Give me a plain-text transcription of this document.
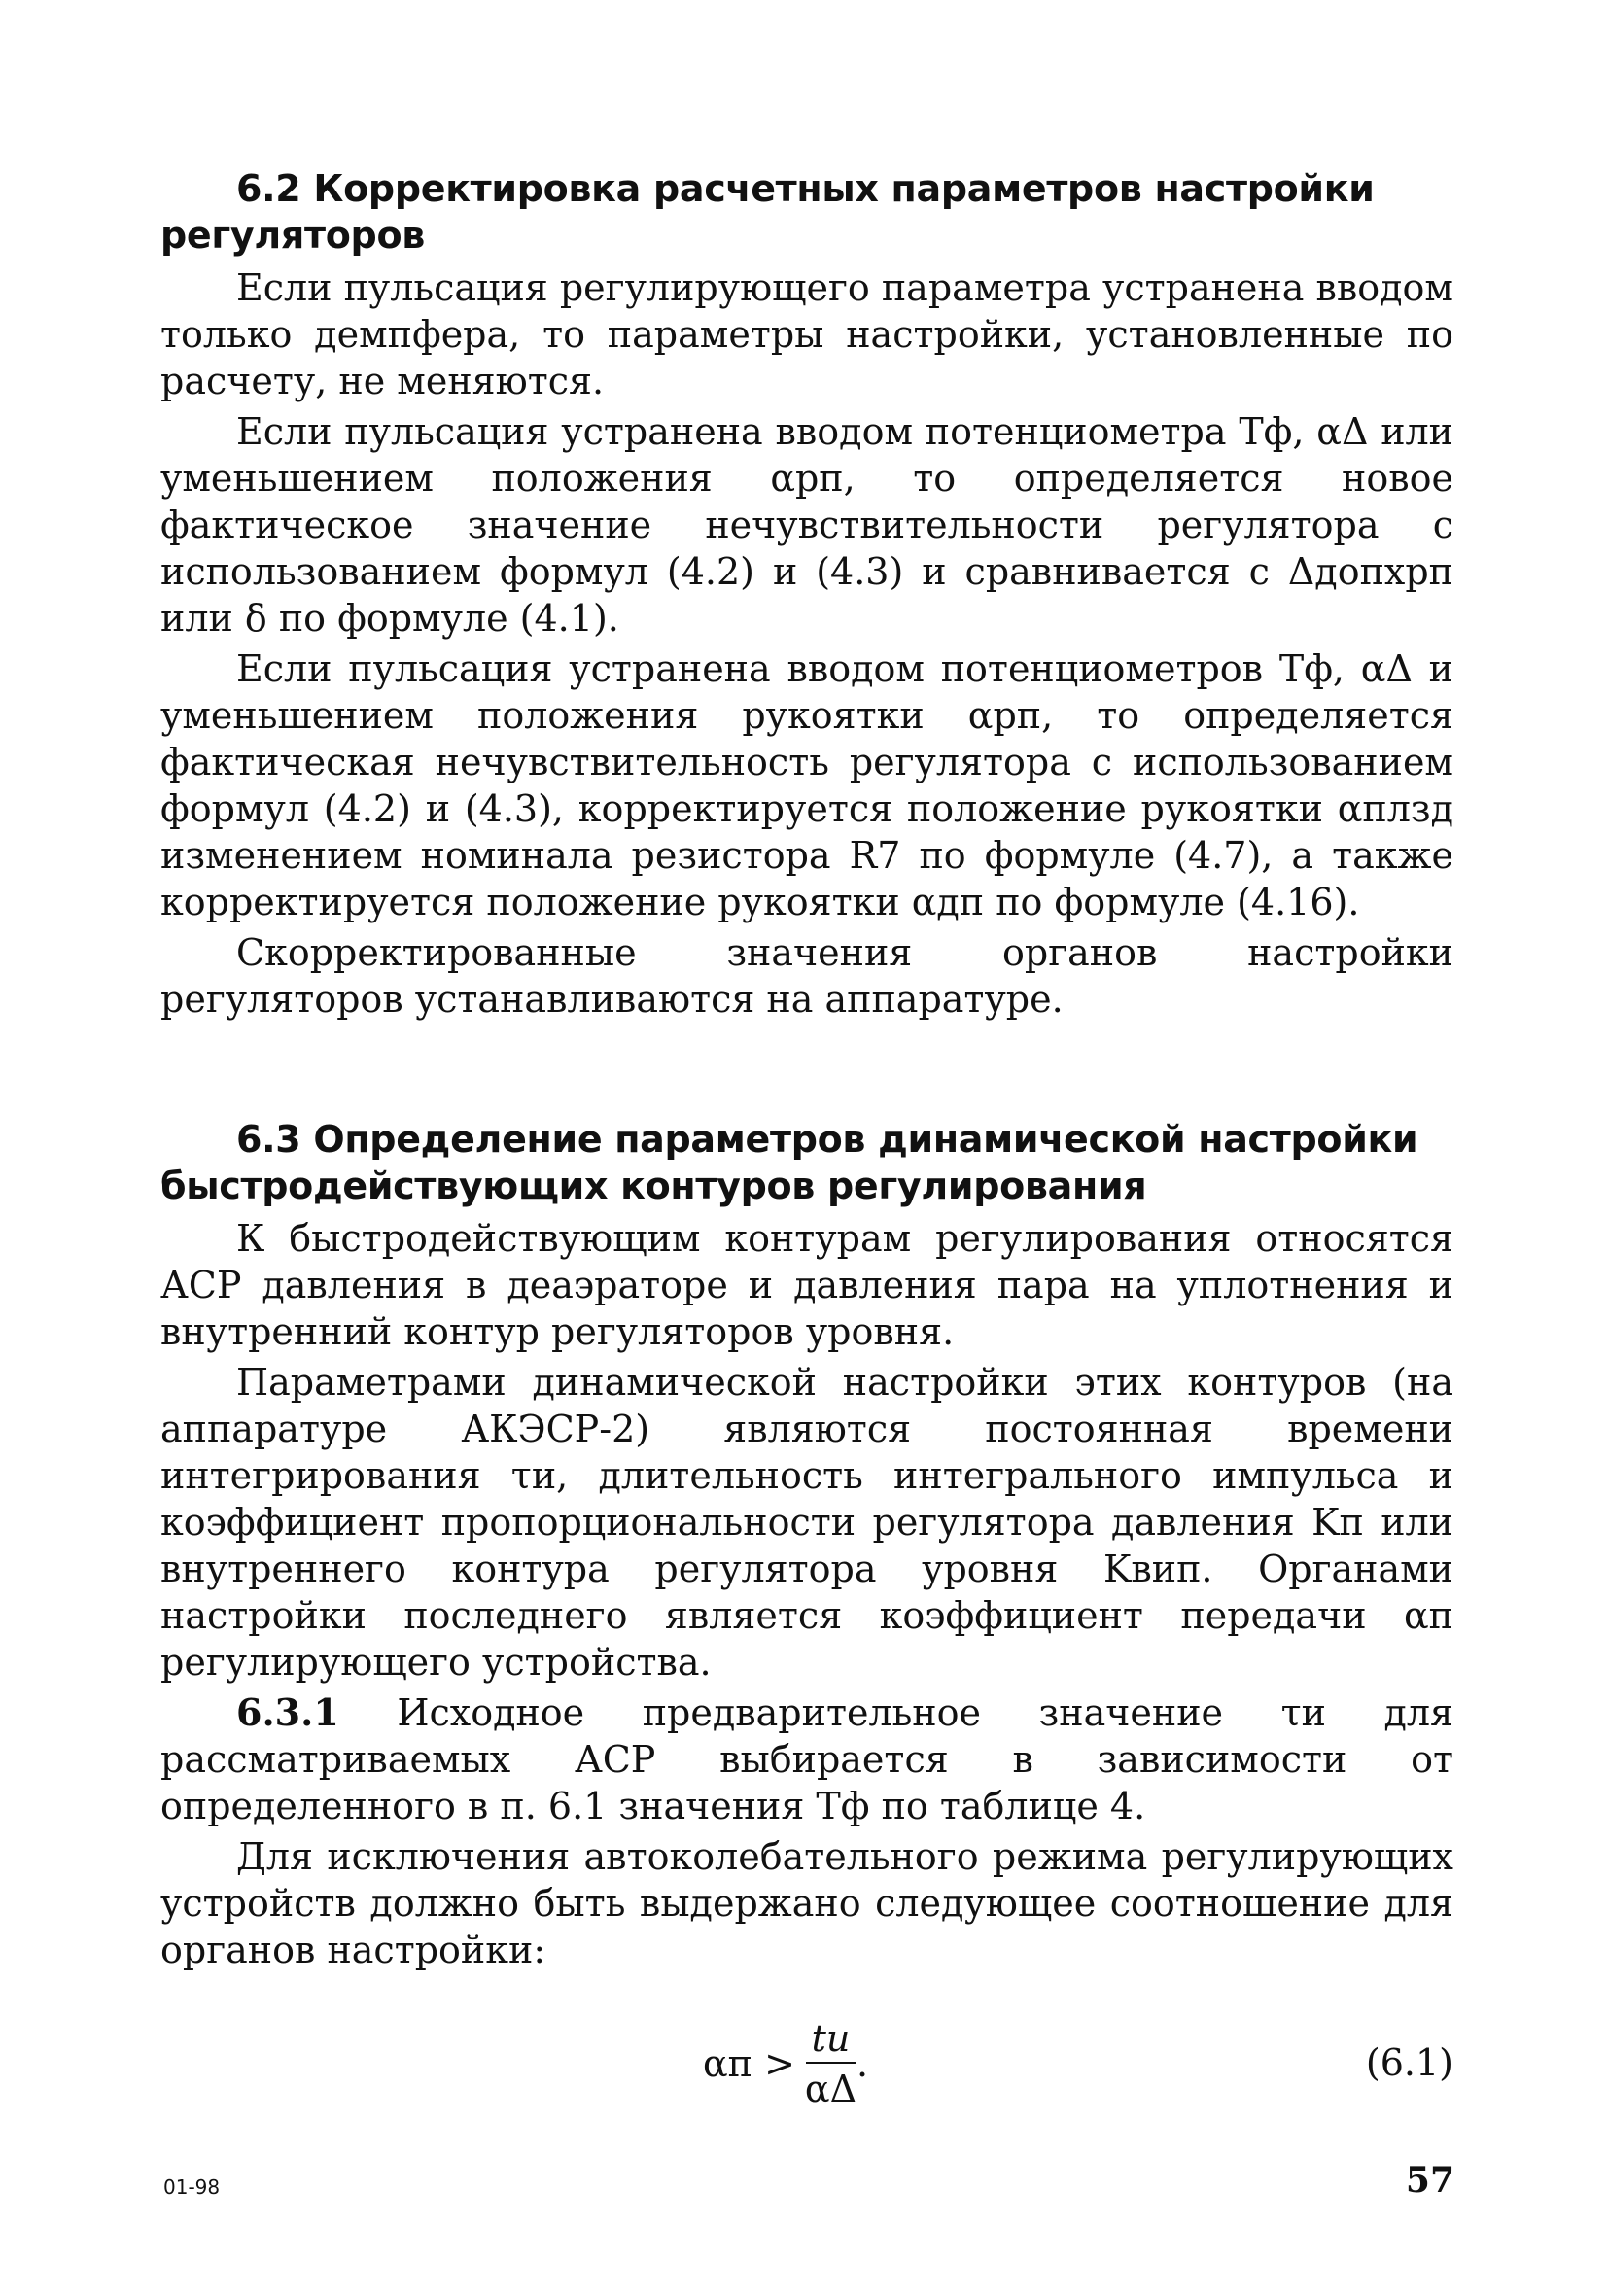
6.2 Корректировка расчетных параметров настройки регуляторов

Если пульсация регулирующего параметра устранена вводом только демпфера, то параметры настройки, установленные по расчету, не меняются.

Если пульсация устранена вводом потенциометра Tф, αΔ или уменьшением положения αрп, то определяется новое фактическое значение нечувствительности регулятора с использованием формул (4.2) и (4.3) и сравнивается с Δдопxрп или δ по формуле (4.1).

Если пульсация устранена вводом потенциометров Тф, αΔ и уменьшением положения рукоятки αрп, то определяется фактическая нечувствительность регулятора с использованием формул (4.2) и (4.3), корректируется положение рукоятки αплзд изменением номинала резистора R7 по формуле (4.7), а также корректируется положение рукоятки αдп по формуле (4.16).

Скорректированные значения органов настройки регуляторов устанавливаются на аппаратуре.

6.3 Определение параметров динамической настройки быстродействующих контуров регулирования

К быстродействующим контурам регулирования относятся АСР давления в деаэраторе и давления пара на уплотнения и внутренний контур регуляторов уровня.

Параметрами динамической настройки этих контуров (на аппаратуре АКЭСР-2) являются постоянная времени интегрирования τи, длительность интегрального импульса и коэффициент пропорциональности регулятора давления Kп или внутреннего контура регулятора уровня Kвип. Органами настройки последнего является коэффициент передачи αп регулирующего устройства.

6.3.1 Исходное предварительное значение τи для рассматриваемых АСР выбирается в зависимости от определенного в п. 6.1 значения Tф по таблице 4.

Для исключения автоколебательного режима регулирующих устройств должно быть выдержано следующее соотношение для органов настройки:

$\alpha п > \frac{tи}{\alpha\Delta}$ .	(6.1)
01-98	57
